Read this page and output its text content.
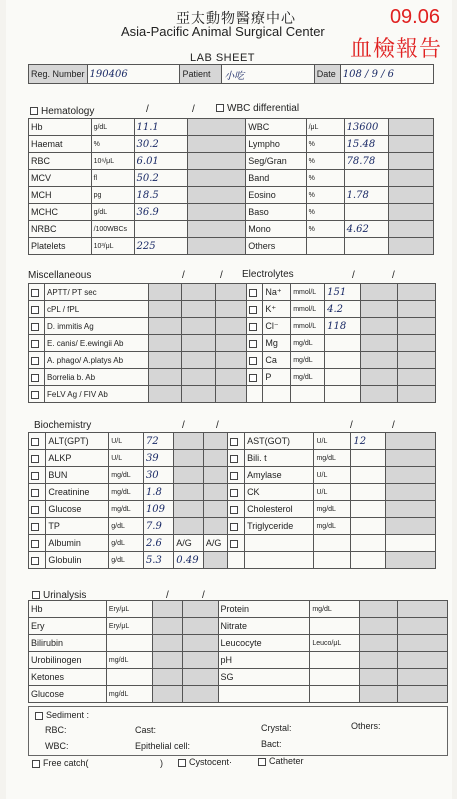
亞太動物醫療中心
Asia-Pacific Animal Surgical Center
09.06
血檢報告
LAB SHEET
Reg. Number	190406	Patient	小吃	Date	108 / 9 / 6
Hematology	/	/	WBC differential
Hb	g/dL	11.1		WBC	/μL	13600	
Haemat	%	30.2		Lympho	%	15.48	
RBC	10⁶/μL	6.01		Seg/Gran	%	78.78	
MCV	fl	50.2		Band	%		
MCH	pg	18.5		Eosino	%	1.78	
MCHC	g/dL	36.9		Baso	%		
NRBC	/100WBCs			Mono	%	4.62	
Platelets	10³/μL	225		Others			
Miscellaneous	/	/ Electrolytes	/	/
	APTT/ PT sec					Na⁺	mmol/L	151		
	cPL / fPL					K⁺	mmol/L	4.2		
	D. immitis Ag					Cl⁻	mmol/L	118		
	E. canis/ E.ewingii Ab					Mg	mg/dL			
	A. phago/ A.platys Ab					Ca	mg/dL			
	Borrelia b. Ab					P	mg/dL			
	FeLV Ag / FIV Ab									
Biochemistry	/	/	/	/
	ALT(GPT)	U/L	72				AST(GOT)	U/L	12	
	ALKP	U/L	39				Bili. t	mg/dL		
	BUN	mg/dL	30				Amylase	U/L		
	Creatinine	mg/dL	1.8				CK	U/L		
	Glucose	mg/dL	109				Cholesterol	mg/dL		
	TP	g/dL	7.9				Triglyceride	mg/dL		
	Albumin	g/dL	2.6	A/G	A/G					
	Globulin	g/dL	5.3	0.49						
Urinalysis	/	/
Hb	Ery/μL			Protein	mg/dL		
Ery	Ery/μL			Nitrate			
Bilirubin				Leucocyte	Leuco/μL		
Urobilinogen	mg/dL			pH			
Ketones				SG			
Glucose	mg/dL						
Sediment :
RBC:	Cast:	Crystal:	Others:
WBC:	Epithelial cell:	Bact:
Free catch(	)	Cystocent·	Catheter
